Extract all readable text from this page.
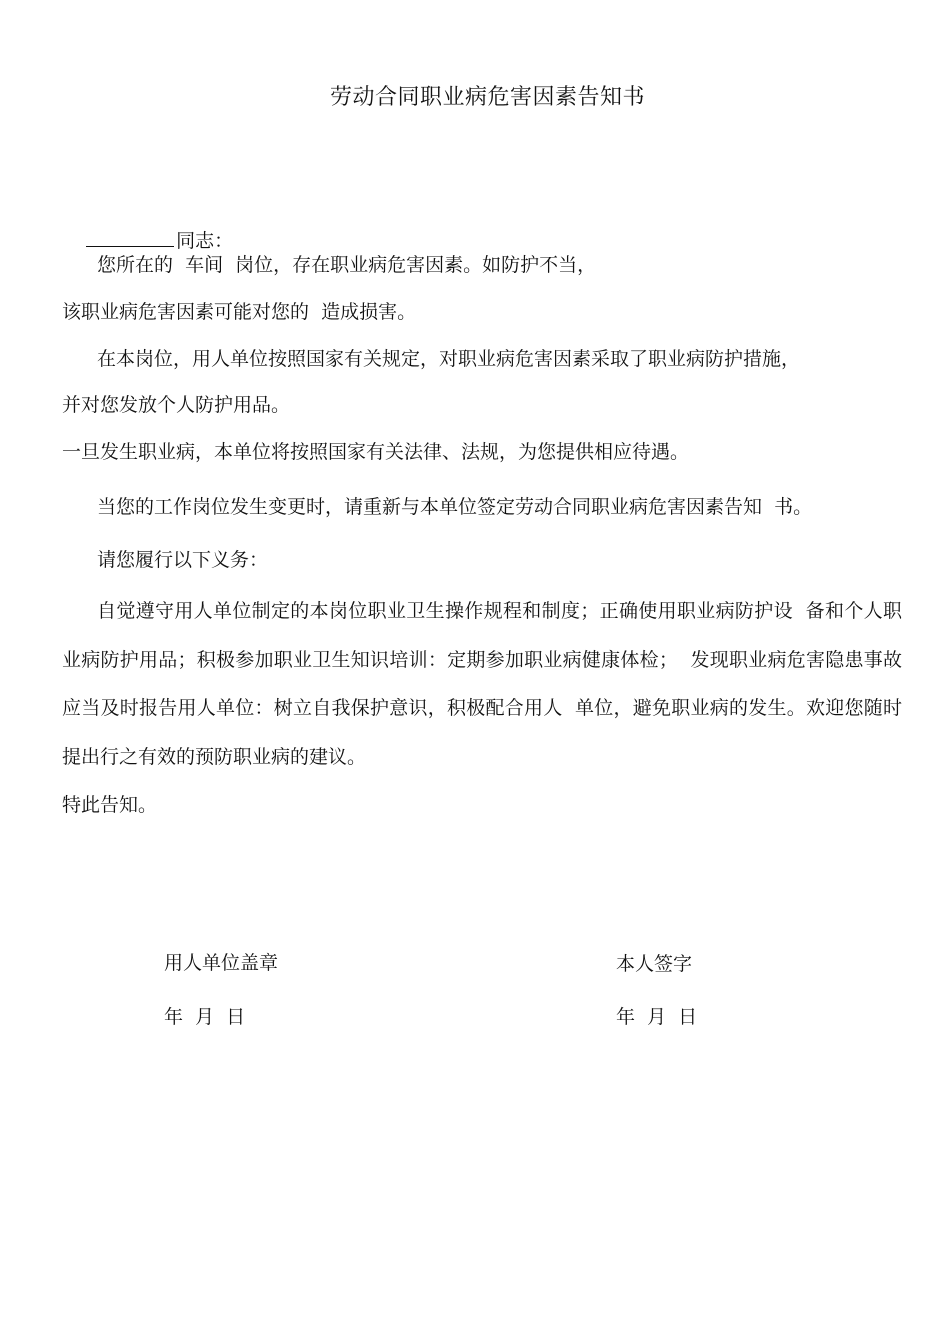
劳动合同职业病危害因素告知书

同志：

您所在的  车间  岗位，存在职业病危害因素。如防护不当，
该职业病危害因素可能对您的  造成损害。
在本岗位，用人单位按照国家有关规定，对职业病危害因素采取了职业病防护措施，
并对您发放个人防护用品。
一旦发生职业病，本单位将按照国家有关法律、法规，为您提供相应待遇。
当您的工作岗位发生变更时，请重新与本单位签定劳动合同职业病危害因素告知  书。
请您履行以下义务：
自觉遵守用人单位制定的本岗位职业卫生操作规程和制度；正确使用职业病防护设  备和个人职业病防护用品；积极参加职业卫生知识培训：定期参加职业病健康体检；  发现职业病危害隐患事故应当及时报告用人单位：树立自我保护意识，积极配合用人  单位，避免职业病的发生。欢迎您随时提出行之有效的预防职业病的建议。
特此告知。
用人单位盖章	本人签字
年  月  日	年  月  日
